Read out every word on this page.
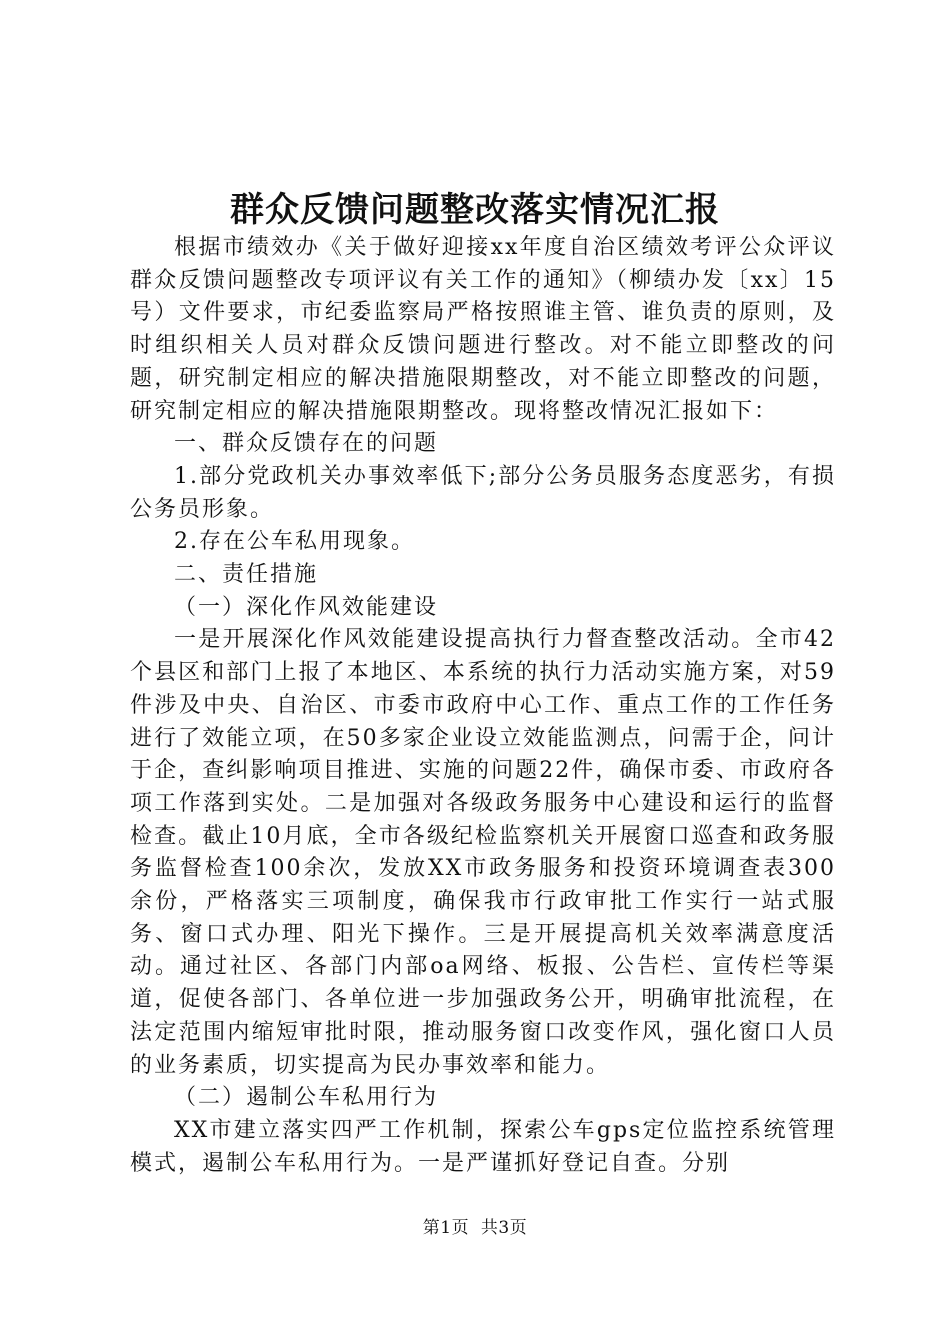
群众反馈问题整改落实情况汇报

根据市绩效办《关于做好迎接xx年度自治区绩效考评公众评议群众反馈问题整改专项评议有关工作的通知》（柳绩办发〔xx〕15号）文件要求，市纪委监察局严格按照谁主管、谁负责的原则，及时组织相关人员对群众反馈问题进行整改。对不能立即整改的问题，研究制定相应的解决措施限期整改，对不能立即整改的问题，研究制定相应的解决措施限期整改。现将整改情况汇报如下：

一、群众反馈存在的问题

1.部分党政机关办事效率低下;部分公务员服务态度恶劣，有损公务员形象。

2.存在公车私用现象。

二、责任措施

（一）深化作风效能建设

一是开展深化作风效能建设提高执行力督查整改活动。全市42个县区和部门上报了本地区、本系统的执行力活动实施方案，对59件涉及中央、自治区、市委市政府中心工作、重点工作的工作任务进行了效能立项，在50多家企业设立效能监测点，问需于企，问计于企，查纠影响项目推进、实施的问题22件，确保市委、市政府各项工作落到实处。二是加强对各级政务服务中心建设和运行的监督检查。截止10月底，全市各级纪检监察机关开展窗口巡查和政务服务监督检查100余次，发放XX市政务服务和投资环境调查表300余份，严格落实三项制度，确保我市行政审批工作实行一站式服务、窗口式办理、阳光下操作。三是开展提高机关效率满意度活动。通过社区、各部门内部oa网络、板报、公告栏、宣传栏等渠道，促使各部门、各单位进一步加强政务公开，明确审批流程，在法定范围内缩短审批时限，推动服务窗口改变作风，强化窗口人员的业务素质，切实提高为民办事效率和能力。

（二）遏制公车私用行为

XX市建立落实四严工作机制，探索公车gps定位监控系统管理模式，遏制公车私用行为。一是严谨抓好登记自查。分别

第1页 共3页
